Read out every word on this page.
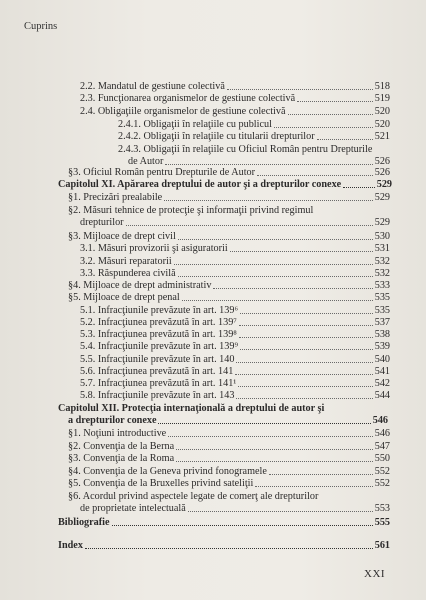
Cuprins
2.2. Mandatul de gestiune colectivă	518
2.3. Funcţionarea organismelor de gestiune colectivă	519
2.4. Obligaţiile organismelor de gestiune colectivă	520
2.4.1. Obligaţii în relaţiile cu publicul	520
2.4.2. Obligaţii în relaţiile cu titularii drepturilor	521
2.4.3. Obligaţii în relaţiile cu Oficiul Român pentru Drepturile
de Autor	526
§3. Oficiul Român pentru Drepturile de Autor	526
Capitolul XI. Apărarea dreptului de autor şi a drepturilor conexe	529
§1. Precizări prealabile	529
§2. Măsuri tehnice de protecţie şi informaţii privind regimul
drepturilor	529
§3. Mijloace de drept civil	530
3.1. Măsuri provizorii şi asiguratorii	531
3.2. Măsuri reparatorii	532
3.3. Răspunderea civilă	532
§4. Mijloace de drept administrativ	533
§5. Mijloace de drept penal	535
5.1. Infracţiunile prevăzute în art. 139⁶	535
5.2. Infracţiunea prevăzută în art. 139⁷	537
5.3. Infracţiunea prevăzută în art. 139⁸	538
5.4. Infracţiunile prevăzute în art. 139⁹	539
5.5. Infracţiunile prevăzute în art. 140	540
5.6. Infracţiunea prevăzută în art. 141	541
5.7. Infracţiunea prevăzută în art. 141¹	542
5.8. Infracţiunile prevăzute în art. 143	544
Capitolul XII. Protecţia internaţională a dreptului de autor şi
a drepturilor conexe	546
§1. Noţiuni introductive	546
§2. Convenţia de la Berna	547
§3. Convenţia de la Roma	550
§4. Convenţia de la Geneva privind fonogramele	552
§5. Convenţia de la Bruxelles privind sateliţii	552
§6. Acordul privind aspectele legate de comerţ ale drepturilor
de proprietate intelectuală	553
Bibliografie	555
Index	561
XXI
